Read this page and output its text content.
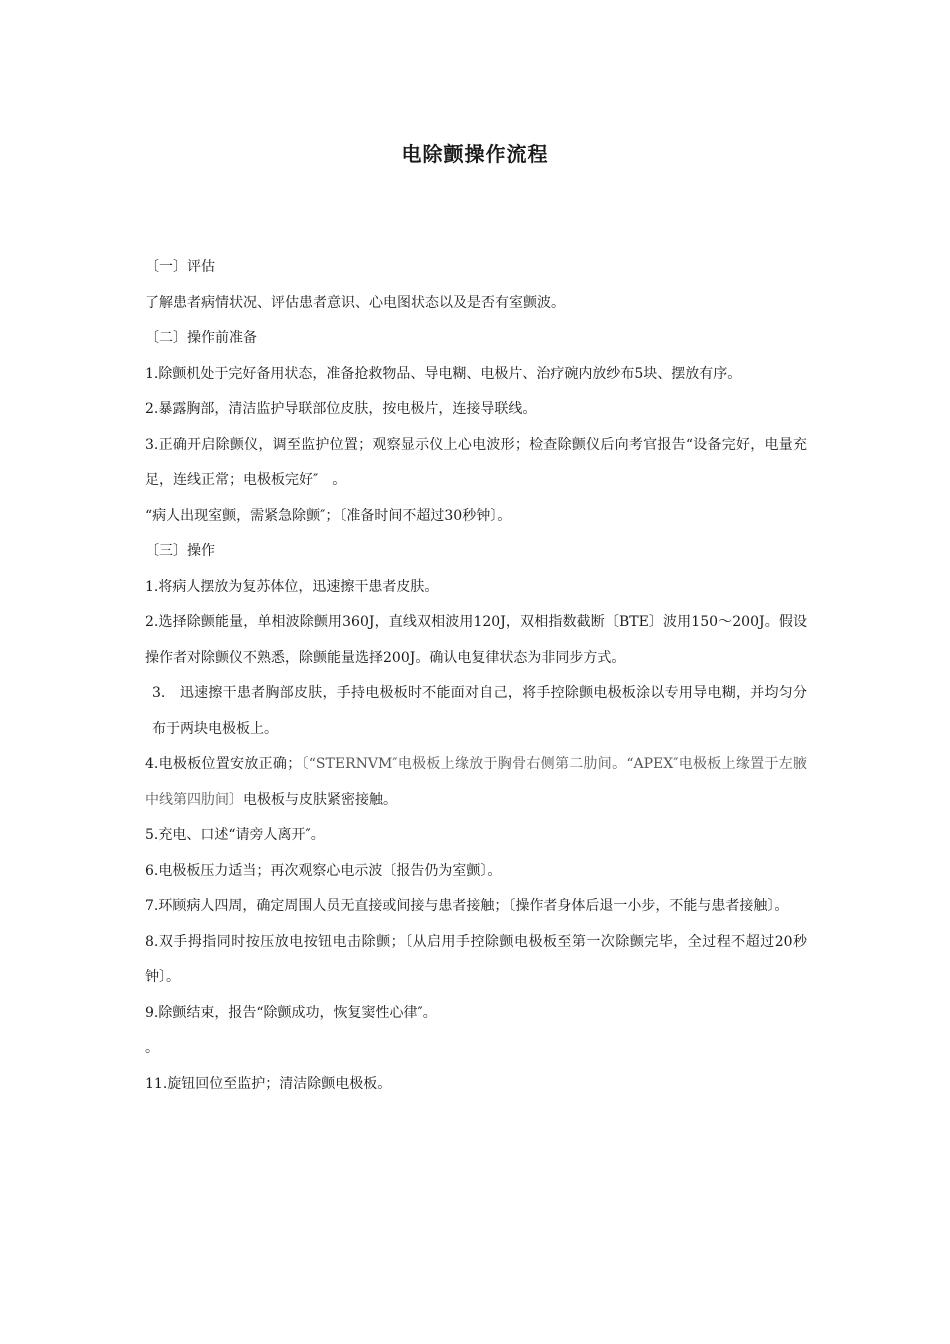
电除颤操作流程

〔一〕评估

了解患者病情状况、评估患者意识、心电图状态以及是否有室颤波。

〔二〕操作前准备

1.除颤机处于完好备用状态，准备抢救物品、导电糊、电极片、治疗碗内放纱布5块、摆放有序。

2.暴露胸部，清洁监护导联部位皮肤，按电极片，连接导联线。

3.正确开启除颤仪，调至监护位置；观察显示仪上心电波形；检查除颤仪后向考官报告“设备完好，电量充足，连线正常；电极板完好″　。

“病人出现室颤，需紧急除颤″；〔准备时间不超过30秒钟〕。

〔三〕操作

1.将病人摆放为复苏体位，迅速擦干患者皮肤。

2.选择除颤能量，单相波除颤用360J，直线双相波用120J，双相指数截断〔BTE〕波用150～200J。假设操作者对除颤仪不熟悉，除颤能量选择200J。确认电复律状态为非同步方式。

3.　迅速擦干患者胸部皮肤，手持电极板时不能面对自己，将手控除颤电极板涂以专用导电糊，并均匀分布于两块电极板上。

4.电极板位置安放正确；〔“STERNVM″电极板上缘放于胸骨右侧第二肋间。“APEX″电极板上缘置于左腋中线第四肋间〕电极板与皮肤紧密接触。

5.充电、口述“请旁人离开″。

6.电极板压力适当；再次观察心电示波〔报告仍为室颤〕。

7.环顾病人四周，确定周围人员无直接或间接与患者接触；〔操作者身体后退一小步，不能与患者接触〕。

8.双手拇指同时按压放电按钮电击除颤；〔从启用手控除颤电极板至第一次除颤完毕，全过程不超过20秒钟〕。

9.除颤结束，报告“除颤成功，恢复窦性心律″。

。

11.旋钮回位至监护；清洁除颤电极板。
